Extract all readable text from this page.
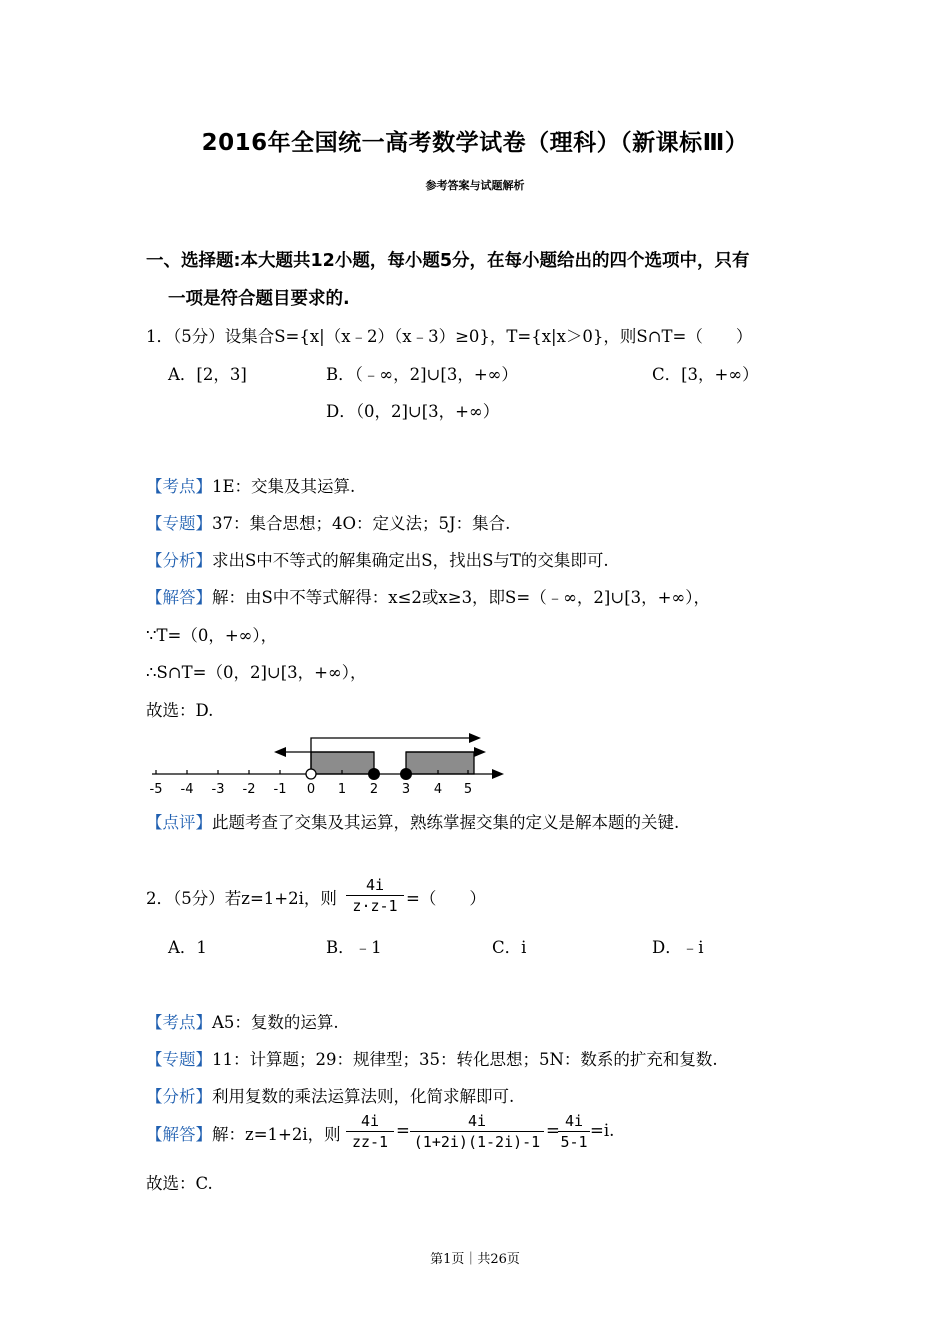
2016年全国统一高考数学试卷（理科）（新课标Ⅲ）
参考答案与试题解析
一、选择题:本大题共12小题，每小题5分，在每小题给出的四个选项中，只有
一项是符合题目要求的.
1．（5分）设集合S={x|（x﹣2）（x﹣3）≥0}，T={x|x＞0}，则S∩T=（　　）
A．[2，3]	B．（﹣∞，2]∪[3，+∞）	C．[3，+∞）
D．（0，2]∪[3，+∞）
【考点】1E：交集及其运算.
【专题】37：集合思想；4O：定义法；5J：集合.
【分析】求出S中不等式的解集确定出S，找出S与T的交集即可.
【解答】解：由S中不等式解得：x≤2或x≥3，即S=（﹣∞，2]∪[3，+∞），
∵T=（0，+∞），
∴S∩T=（0，2]∪[3，+∞），
故选：D.
-5 -4 -3 -2 -1 0 1 2 3 4 5
【点评】此题考查了交集及其运算，熟练掌握交集的定义是解本题的关键.
2．（5分）若z=1+2i，则 $\frac{4i}{z\cdot z-1}$ =（　　）
A．1	B．﹣1	C．i	D．﹣i
【考点】A5：复数的运算.
【专题】11：计算题；29：规律型；35：转化思想；5N：数系的扩充和复数.
【分析】利用复数的乘法运算法则，化简求解即可.
【解答】解：z=1+2i，则 $\frac{4i}{zz-1} = \frac{4i}{(1+2i)(1-2i)-1}$ =
$\frac{4i}{5-1} =i$.
故选：C.
第1页｜共26页
